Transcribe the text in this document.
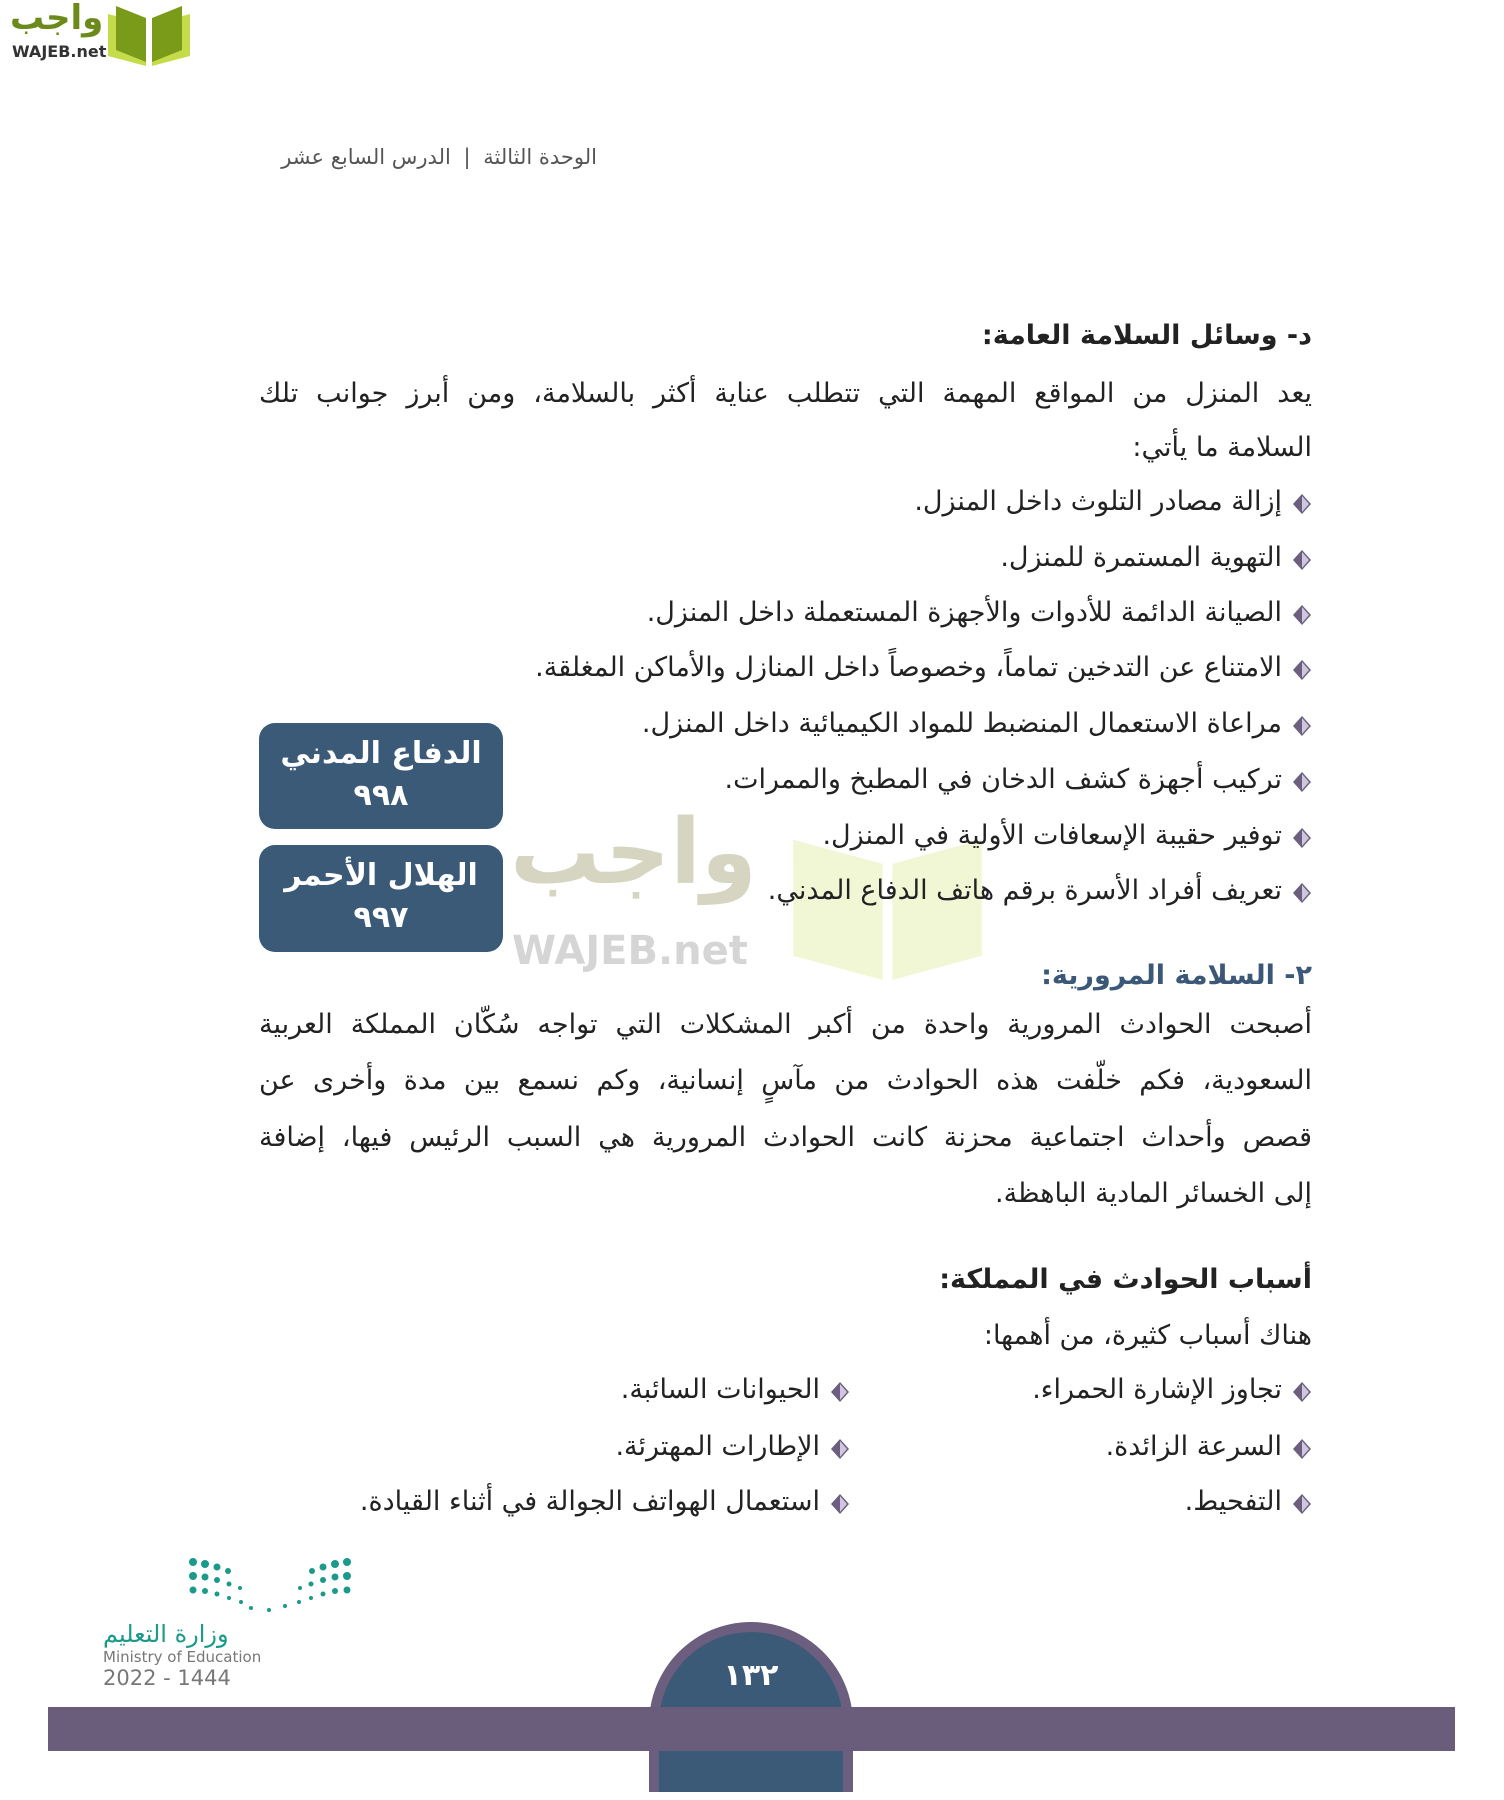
واجب
WAJEB.net
واجب
WAJEB.net
الوحدة الثالثة | الدرس السابع عشر
د- وسائل السلامة العامة:
يعد المنزل من المواقع المهمة التي تتطلب عناية أكثر بالسلامة، ومن أبرز جوانب تلك
السلامة ما يأتي:
إزالة مصادر التلوث داخل المنزل.
التهوية المستمرة للمنزل.
الصيانة الدائمة للأدوات والأجهزة المستعملة داخل المنزل.
الامتناع عن التدخين تماماً، وخصوصاً داخل المنازل والأماكن المغلقة.
مراعاة الاستعمال المنضبط للمواد الكيميائية داخل المنزل.
تركيب أجهزة كشف الدخان في المطبخ والممرات.
توفير حقيبة الإسعافات الأولية في المنزل.
تعريف أفراد الأسرة برقم هاتف الدفاع المدني.
الدفاع المدني
٩٩٨
الهلال الأحمر
٩٩٧
٢- السلامة المرورية:
أصبحت الحوادث المرورية واحدة من أكبر المشكلات التي تواجه سُكّان المملكة العربية
السعودية، فكم خلّفت هذه الحوادث من مآسٍ إنسانية، وكم نسمع بين مدة وأخرى عن
قصص وأحداث اجتماعية محزنة كانت الحوادث المرورية هي السبب الرئيس فيها، إضافة
إلى الخسائر المادية الباهظة.
أسباب الحوادث في المملكة:
هناك أسباب كثيرة، من أهمها:
تجاوز الإشارة الحمراء.
السرعة الزائدة.
التفحيط.
الحيوانات السائبة.
الإطارات المهترئة.
استعمال الهواتف الجوالة في أثناء القيادة.
وزارة التعليم
Ministry of Education
2022 - 1444	١٣٢
